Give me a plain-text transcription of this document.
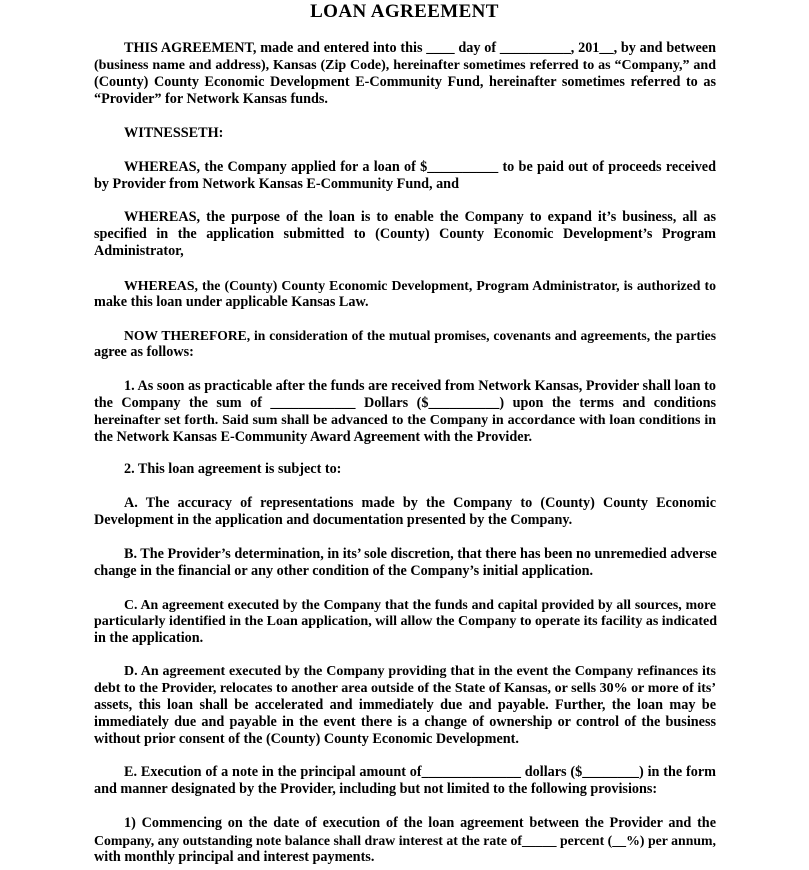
LOAN AGREEMENT
THIS AGREEMENT, made and entered into this ____ day of __________, 201__, by and between
(business name and address), Kansas (Zip Code), hereinafter sometimes referred to as “Company,” and
(County) County Economic Development E-Community Fund, hereinafter sometimes referred to as
“Provider” for Network Kansas funds.
WITNESSETH:
WHEREAS, the Company applied for a loan of $__________ to be paid out of proceeds received
by Provider from Network Kansas E-Community Fund, and
WHEREAS, the purpose of the loan is to enable the Company to expand it’s business, all as
specified in the application submitted to (County) County Economic Development’s Program
Administrator,
WHEREAS, the (County) County Economic Development, Program Administrator, is authorized to
make this loan under applicable Kansas Law.
NOW THEREFORE, in consideration of the mutual promises, covenants and agreements, the parties
agree as follows:
1. As soon as practicable after the funds are received from Network Kansas, Provider shall loan to
the Company the sum of ____________ Dollars ($__________) upon the terms and conditions
hereinafter set forth. Said sum shall be advanced to the Company in accordance with loan conditions in
the Network Kansas E-Community Award Agreement with the Provider.
2. This loan agreement is subject to:
A. The accuracy of representations made by the Company to (County) County Economic
Development in the application and documentation presented by the Company.
B. The Provider’s determination, in its’ sole discretion, that there has been no unremedied adverse
change in the financial or any other condition of the Company’s initial application.
C. An agreement executed by the Company that the funds and capital provided by all sources, more
particularly identified in the Loan application, will allow the Company to operate its facility as indicated
in the application.
D. An agreement executed by the Company providing that in the event the Company refinances its
debt to the Provider, relocates to another area outside of the State of Kansas, or sells 30% or more of its’
assets, this loan shall be accelerated and immediately due and payable. Further, the loan may be
immediately due and payable in the event there is a change of ownership or control of the business
without prior consent of the (County) County Economic Development.
E. Execution of a note in the principal amount of______________ dollars ($________) in the form
and manner designated by the Provider, including but not limited to the following provisions:
1) Commencing on the date of execution of the loan agreement between the Provider and the
Company, any outstanding note balance shall draw interest at the rate of_____ percent (__%) per annum,
with monthly principal and interest payments.
